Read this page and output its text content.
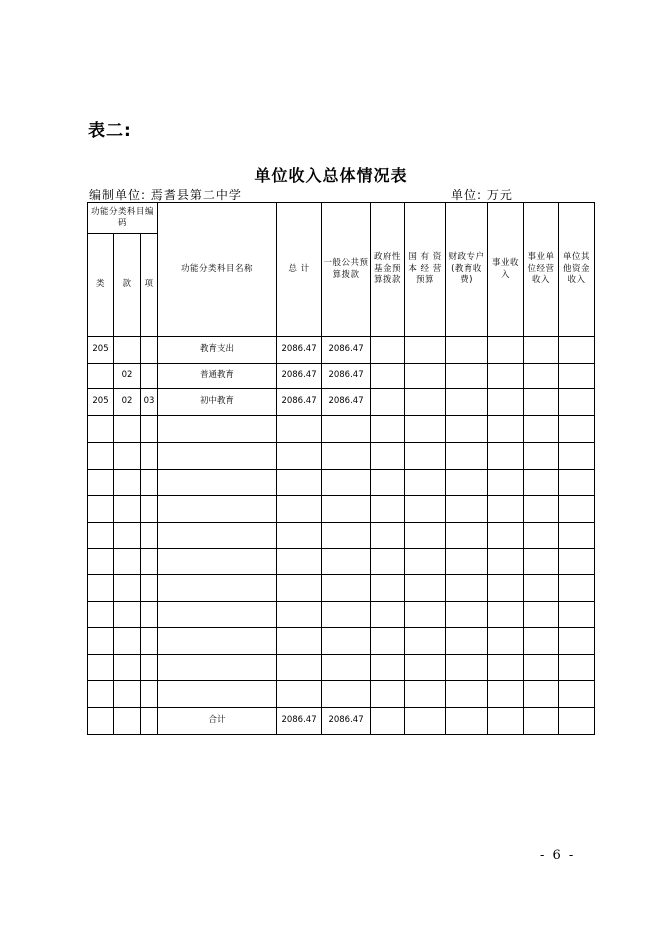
表二:
单位收入总体情况表
编制单位: 焉耆县第二中学	单位: 万元
功能分类科目编码			功能分类科目名称	总 计	一般公共预算拨款	政府性基金预算拨款	国 有 资 本 经 营 预算	财政专户(教育收费)	事业收入	事业单位经营收入	单位其他资金收入
类	款	项									
205			教育支出	2086.47	2086.47						
	02		普通教育	2086.47	2086.47						
205	02	03	初中教育	2086.47	2086.47						

			合计	2086.47	2086.47						
- 6 -
